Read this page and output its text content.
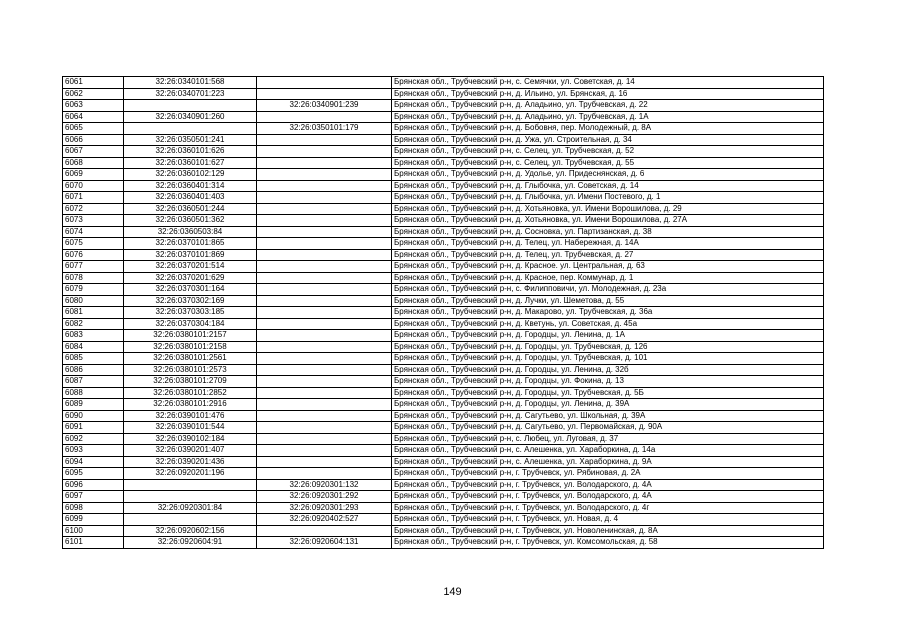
6061	32:26:0340101:568		Брянская обл., Трубчевский р-н, с. Семячки, ул. Советская, д. 14
6062	32:26:0340701:223		Брянская обл., Трубчевский р-н, д. Ильино, ул. Брянская, д. 16
6063		32:26:0340901:239	Брянская обл., Трубчевский р-н, д. Аладьино, ул. Трубчевская, д. 22
6064	32:26:0340901:260		Брянская обл., Трубчевский р-н, д. Аладьино, ул. Трубчевская, д. 1А
6065		32:26:0350101:179	Брянская обл., Трубчевский р-н, д. Бобовня, пер. Молодежный, д. 8А
6066	32:26:0350501:241		Брянская обл., Трубчевский р-н, д. Ужа, ул. Строительная, д. 34
6067	32:26:0360101:626		Брянская обл., Трубчевский р-н, с. Селец, ул. Трубчевская, д. 52
6068	32:26:0360101:627		Брянская обл., Трубчевский р-н, с. Селец, ул. Трубчевская, д. 55
6069	32:26:0360102:129		Брянская обл., Трубчевский р-н, д. Удолье, ул. Придеснянская, д. 6
6070	32:26:0360401:314		Брянская обл., Трубчевский р-н, д. Глыбочка, ул. Советская, д. 14
6071	32:26:0360401:403		Брянская обл., Трубчевский р-н, д. Глыбочка, ул. Имени Постевого, д. 1
6072	32:26:0360501:244		Брянская обл., Трубчевский р-н, д. Хотьяновка, ул. Имени Ворошилова, д. 29
6073	32:26:0360501:362		Брянская обл., Трубчевский р-н, д. Хотьяновка, ул. Имени Ворошилова, д. 27А
6074	32:26:0360503:84		Брянская обл., Трубчевский р-н, д. Сосновка, ул. Партизанская, д. 38
6075	32:26:0370101:865		Брянская обл., Трубчевский р-н, д. Телец, ул. Набережная, д. 14А
6076	32:26:0370101:869		Брянская обл., Трубчевский р-н, д. Телец, ул. Трубчевская, д. 27
6077	32:26:0370201:514		Брянская обл., Трубчевский р-н, д. Красное. ул. Центральная, д. 63
6078	32:26:0370201:629		Брянская обл., Трубчевский р-н, д. Красное, пер. Коммунар, д. 1
6079	32:26:0370301:164		Брянская обл., Трубчевский р-н, с. Филипповичи, ул. Молодежная, д. 23а
6080	32:26:0370302:169		Брянская обл., Трубчевский р-н, д. Лучки, ул. Шеметова, д. 55
6081	32:26:0370303:185		Брянская обл., Трубчевский р-н, д. Макарово, ул. Трубчевская, д. 36а
6082	32:26:0370304:184		Брянская обл., Трубчевский р-н, д. Кветунь, ул. Советская, д. 45а
6083	32:26:0380101:2157		Брянская обл., Трубчевский р-н, д. Городцы, ул. Ленина, д. 1А
6084	32:26:0380101:2158		Брянская обл., Трубчевский р-н, д. Городцы, ул. Трубчевская, д. 126
6085	32:26:0380101:2561		Брянская обл., Трубчевский р-н, д. Городцы, ул. Трубчевская, д. 101
6086	32:26:0380101:2573		Брянская обл., Трубчевский р-н, д. Городцы, ул. Ленина, д. 32б
6087	32:26:0380101:2709		Брянская обл., Трубчевский р-н, д. Городцы, ул. Фокина, д. 13
6088	32:26:0380101:2852		Брянская обл., Трубчевский р-н, д. Городцы, ул. Трубчевская, д. 5Б
6089	32:26:0380101:2916		Брянская обл., Трубчевский р-н, д. Городцы, ул. Ленина, д. 39А
6090	32:26:0390101:476		Брянская обл., Трубчевский р-н, д. Сагутьево, ул. Школьная, д. 39А
6091	32:26:0390101:544		Брянская обл., Трубчевский р-н, д. Сагутьево, ул. Первомайская, д. 90А
6092	32:26:0390102:184		Брянская обл., Трубчевский р-н, с. Любец, ул. Луговая, д. 37
6093	32:26:0390201:407		Брянская обл., Трубчевский р-н, с. Алешенка, ул. Хараборкина, д. 14а
6094	32:26:0390201:436		Брянская обл., Трубчевский р-н, с. Алешенка, ул. Хараборкина, д. 9А
6095	32:26:0920201:196		Брянская обл., Трубчевский р-н, г. Трубчевск, ул. Рябиновая, д. 2А
6096		32:26:0920301:132	Брянская обл., Трубчевский р-н, г. Трубчевск, ул. Володарского, д. 4А
6097		32:26:0920301:292	Брянская обл., Трубчевский р-н, г. Трубчевск, ул. Володарского, д. 4А
6098	32:26:0920301:84	32:26:0920301:293	Брянская обл., Трубчевский р-н, г. Трубчевск, ул. Володарского, д. 4г
6099		32:26:0920402:527	Брянская обл., Трубчевский р-н, г. Трубчевск, ул. Новая, д. 4
6100	32:26:0920602:156		Брянская обл., Трубчевский р-н, г. Трубчевск, ул. Новоленинская, д. 8А
6101	32:26:0920604:91	32:26:0920604:131	Брянская обл., Трубчевский р-н, г. Трубчевск, ул. Комсомольская, д. 58
149
